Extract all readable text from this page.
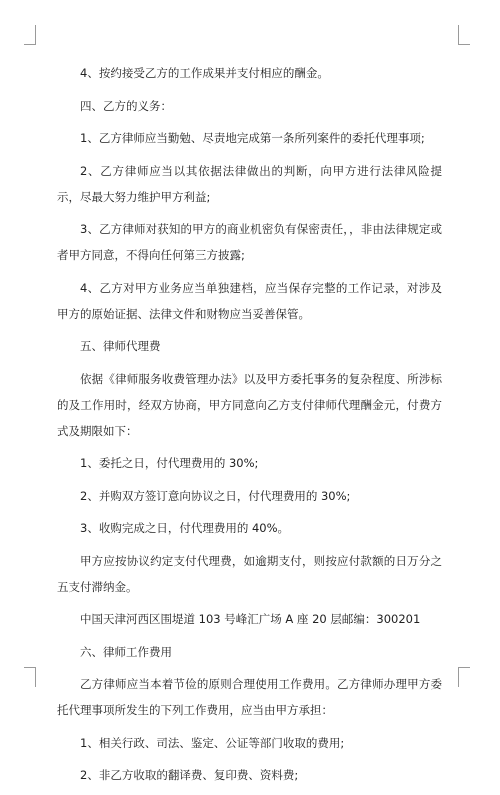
4、按约接受乙方的工作成果并支付相应的酬金。

四、乙方的义务：

1、乙方律师应当勤勉、尽责地完成第一条所列案件的委托代理事项;

2、乙方律师应当以其依据法律做出的判断，向甲方进行法律风险提示，尽最大努力维护甲方利益;

3、乙方律师对获知的甲方的商业机密负有保密责任，，非由法律规定或者甲方同意，不得向任何第三方披露;

4、乙方对甲方业务应当单独建档，应当保存完整的工作记录，对涉及甲方的原始证据、法律文件和财物应当妥善保管。

五、律师代理费

依据《律师服务收费管理办法》以及甲方委托事务的复杂程度、所涉标的及工作用时，经双方协商，甲方同意向乙方支付律师代理酬金元，付费方式及期限如下：

1、委托之日，付代理费用的 30%;

2、并购双方签订意向协议之日，付代理费用的 30%;

3、收购完成之日，付代理费用的 40%。

甲方应按协议约定支付代理费，如逾期支付，则按应付款额的日万分之五支付滞纳金。

中国天津河西区围堤道 103 号峰汇广场 A 座 20 层邮编：300201

六、律师工作费用

乙方律师应当本着节俭的原则合理使用工作费用。乙方律师办理甲方委托代理事项所发生的下列工作费用，应当由甲方承担：

1、相关行政、司法、鉴定、公证等部门收取的费用;

2、非乙方收取的翻译费、复印费、资料费;
